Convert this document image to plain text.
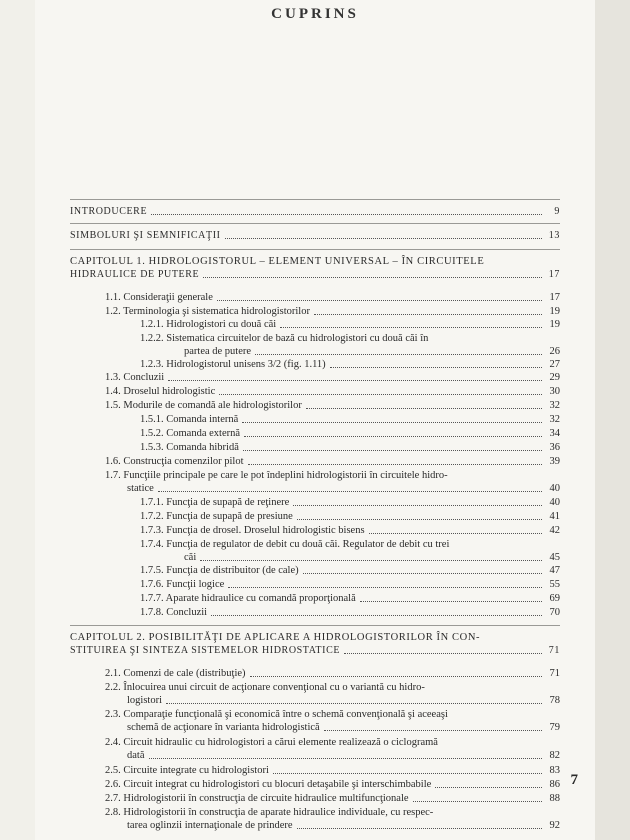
CUPRINS
INTRODUCERE	9
SIMBOLURI ŞI SEMNIFICAŢII	13
CAPITOLUL 1. HIDROLOGISTORUL – ELEMENT UNIVERSAL – ÎN CIRCUITELE
HIDRAULICE DE PUTERE	17
1.1. Consideraţii generale	17
1.2. Terminologia şi sistematica hidrologistorilor	19
1.2.1. Hidrologistori cu două căi	19
1.2.2. Sistematica circuitelor de bază cu hidrologistori cu două căi în
partea de putere	26
1.2.3. Hidrologistorul unisens 3/2 (fig. 1.11)	27
1.3. Concluzii	29
1.4. Droselul hidrologistic	30
1.5. Modurile de comandă ale hidrologistorilor	32
1.5.1. Comanda internă	32
1.5.2. Comanda externă	34
1.5.3. Comanda hibridă	36
1.6. Construcţia comenzilor pilot	39
1.7. Funcţiile principale pe care le pot îndeplini hidrologistorii în circuitele hidro-
statice	40
1.7.1. Funcţia de supapă de reţinere	40
1.7.2. Funcţia de supapă de presiune	41
1.7.3. Funcţia de drosel. Droselul hidrologistic bisens	42
1.7.4. Funcţia de regulator de debit cu două căi. Regulator de debit cu trei
căi	45
1.7.5. Funcţia de distribuitor (de cale)	47
1.7.6. Funcţii logice	55
1.7.7. Aparate hidraulice cu comandă proporţională	69
1.7.8. Concluzii	70
CAPITOLUL 2. POSIBILITĂŢI DE APLICARE A HIDROLOGISTORILOR ÎN CON-
STITUIREA ŞI SINTEZA SISTEMELOR HIDROSTATICE	71
2.1. Comenzi de cale (distribuţie)	71
2.2. Înlocuirea unui circuit de acţionare convenţional cu o variantă cu hidro-
logistori	78
2.3. Comparaţie funcţională şi economică între o schemă convenţională şi aceeaşi
schemă de acţionare în varianta hidrologistică	79
2.4. Circuit hidraulic cu hidrologistori a cărui elemente realizează o ciclogramă
dată	82
2.5. Circuite integrate cu hidrologistori	83
2.6. Circuit integrat cu hidrologistori cu blocuri detaşabile şi interschimbabile	86
2.7. Hidrologistorii în construcţia de circuite hidraulice multifuncţionale	88
2.8. Hidrologistorii în construcţia de aparate hidraulice individuale, cu respec-
tarea oglinzii internaţionale de prindere	92
7
